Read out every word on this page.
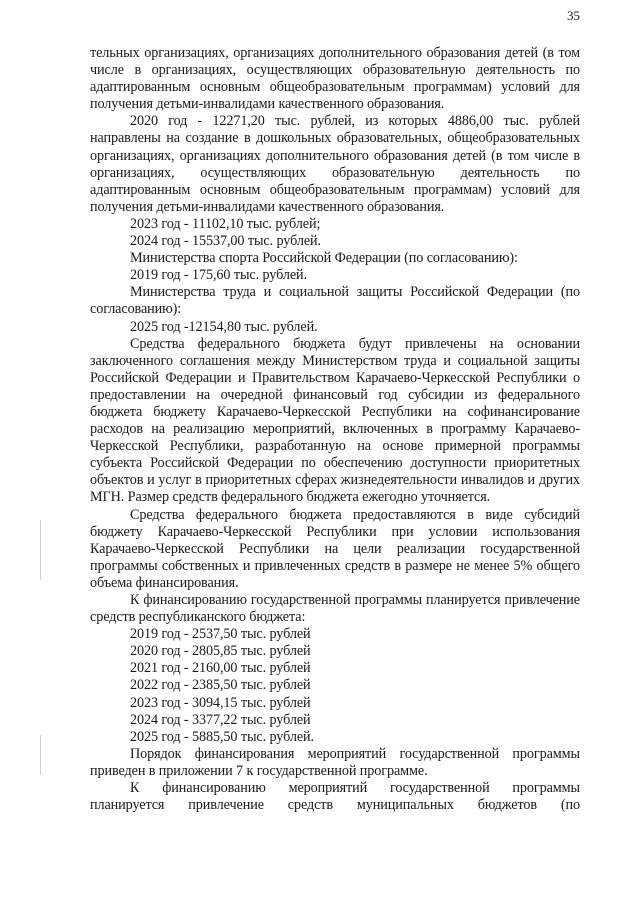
35

тельных организациях, организациях дополнительного образования детей (в том числе в организациях, осуществляющих образовательную деятельность по адаптированным основным общеобразовательным программам) условий для получения детьми-инвалидами качественного образования.

2020 год - 12271,20 тыс. рублей, из которых 4886,00 тыс. рублей направлены на создание в дошкольных образовательных, общеобразовательных организациях, организациях дополнительного образования детей (в том числе в организациях, осуществляющих образовательную деятельность по адаптированным основным общеобразовательным программам) условий для получения детьми-инвалидами качественного образования.

2023 год - 11102,10 тыс. рублей;

2024 год - 15537,00 тыс. рублей.

Министерства спорта Российской Федерации (по согласованию):

2019 год - 175,60 тыс. рублей.

Министерства труда и социальной защиты Российской Федерации (по согласованию):

2025 год -12154,80 тыс. рублей.

Средства федерального бюджета будут привлечены на основании заключенного соглашения между Министерством труда и социальной защиты Российской Федерации и Правительством Карачаево-Черкесской Республики о предоставлении на очередной финансовый год субсидии из федерального бюджета бюджету Карачаево-Черкесской Республики на софинансирование расходов на реализацию мероприятий, включенных в программу Карачаево-Черкесской Республики, разработанную на основе примерной программы субъекта Российской Федерации по обеспечению доступности приоритетных объектов и услуг в приоритетных сферах жизнедеятельности инвалидов и других МГН. Размер средств федерального бюджета ежегодно уточняется.

Средства федерального бюджета предоставляются в виде субсидий бюджету Карачаево-Черкесской Республики при условии использования Карачаево-Черкесской Республики на цели реализации государственной программы собственных и привлеченных средств в размере не менее 5% общего объема финансирования.

К финансированию государственной программы планируется привлечение средств республиканского бюджета:

2019 год - 2537,50 тыс. рублей

2020 год - 2805,85 тыс. рублей

2021 год - 2160,00 тыс. рублей

2022 год - 2385,50 тыс. рублей

2023 год - 3094,15 тыс. рублей

2024 год - 3377,22 тыс. рублей

2025 год - 5885,50 тыс. рублей.

Порядок финансирования мероприятий государственной программы приведен в приложении 7 к государственной программе.

К финансированию мероприятий государственной программы планируется привлечение средств муниципальных бюджетов (по
